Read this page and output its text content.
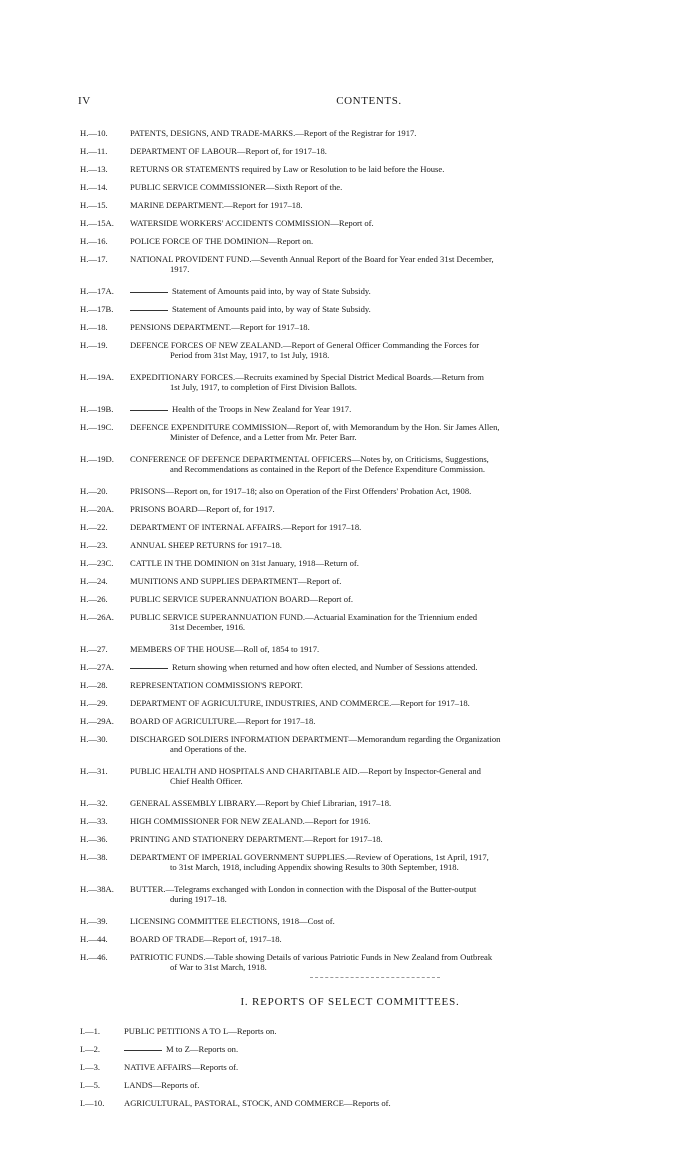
IV	CONTENTS.
H.—10.	PATENTS, DESIGNS, AND TRADE-MARKS.—Report of the Registrar for 1917.
H.—11.	DEPARTMENT OF LABOUR—Report of, for 1917–18.
H.—13.	RETURNS OR STATEMENTS required by Law or Resolution to be laid before the House.
H.—14.	PUBLIC SERVICE COMMISSIONER—Sixth Report of the.
H.—15.	MARINE DEPARTMENT.—Report for 1917–18.
H.—15A.	WATERSIDE WORKERS' ACCIDENTS COMMISSION—Report of.
H.—16.	POLICE FORCE OF THE DOMINION—Report on.
H.—17.	NATIONAL PROVIDENT FUND.—Seventh Annual Report of the Board for Year ended 31st December,
1917.
H.—17A.	Statement of Amounts paid into, by way of State Subsidy.
H.—17B.	Statement of Amounts paid into, by way of State Subsidy.
H.—18.	PENSIONS DEPARTMENT.—Report for 1917–18.
H.—19.	DEFENCE FORCES OF NEW ZEALAND.—Report of General Officer Commanding the Forces for
Period from 31st May, 1917, to 1st July, 1918.
H.—19A.	EXPEDITIONARY FORCES.—Recruits examined by Special District Medical Boards.—Return from
1st July, 1917, to completion of First Division Ballots.
H.—19B.	Health of the Troops in New Zealand for Year 1917.
H.—19C.	DEFENCE EXPENDITURE COMMISSION—Report of, with Memorandum by the Hon. Sir James Allen,
Minister of Defence, and a Letter from Mr. Peter Barr.
H.—19D.	CONFERENCE OF DEFENCE DEPARTMENTAL OFFICERS—Notes by, on Criticisms, Suggestions,
and Recommendations as contained in the Report of the Defence Expenditure Commission.
H.—20.	PRISONS—Report on, for 1917–18; also on Operation of the First Offenders' Probation Act, 1908.
H.—20A.	PRISONS BOARD—Report of, for 1917.
H.—22.	DEPARTMENT OF INTERNAL AFFAIRS.—Report for 1917–18.
H.—23.	ANNUAL SHEEP RETURNS for 1917–18.
H.—23C.	CATTLE IN THE DOMINION on 31st January, 1918—Return of.
H.—24.	MUNITIONS AND SUPPLIES DEPARTMENT—Report of.
H.—26.	PUBLIC SERVICE SUPERANNUATION BOARD—Report of.
H.—26A.	PUBLIC SERVICE SUPERANNUATION FUND.—Actuarial Examination for the Triennium ended
31st December, 1916.
H.—27.	MEMBERS OF THE HOUSE—Roll of, 1854 to 1917.
H.—27A.	Return showing when returned and how often elected, and Number of Sessions attended.
H.—28.	REPRESENTATION COMMISSION'S REPORT.
H.—29.	DEPARTMENT OF AGRICULTURE, INDUSTRIES, AND COMMERCE.—Report for 1917–18.
H.—29A.	BOARD OF AGRICULTURE.—Report for 1917–18.
H.—30.	DISCHARGED SOLDIERS INFORMATION DEPARTMENT—Memorandum regarding the Organization
and Operations of the.
H.—31.	PUBLIC HEALTH AND HOSPITALS AND CHARITABLE AID.—Report by Inspector-General and
Chief Health Officer.
H.—32.	GENERAL ASSEMBLY LIBRARY.—Report by Chief Librarian, 1917–18.
H.—33.	HIGH COMMISSIONER FOR NEW ZEALAND.—Report for 1916.
H.—36.	PRINTING AND STATIONERY DEPARTMENT.—Report for 1917–18.
H.—38.	DEPARTMENT OF IMPERIAL GOVERNMENT SUPPLIES.—Review of Operations, 1st April, 1917,
to 31st March, 1918, including Appendix showing Results to 30th September, 1918.
H.—38A.	BUTTER.—Telegrams exchanged with London in connection with the Disposal of the Butter-output
during 1917–18.
H.—39.	LICENSING COMMITTEE ELECTIONS, 1918—Cost of.
H.—44.	BOARD OF TRADE—Report of, 1917–18.
H.—46.	PATRIOTIC FUNDS.—Table showing Details of various Patriotic Funds in New Zealand from Outbreak
of War to 31st March, 1918.
I. REPORTS OF SELECT COMMITTEES.
I.—1.	PUBLIC PETITIONS A TO L—Reports on.
I.—2.	M to Z—Reports on.
I.—3.	NATIVE AFFAIRS—Reports of.
I.—5.	LANDS—Reports of.
I.—10.	AGRICULTURAL, PASTORAL, STOCK, AND COMMERCE—Reports of.
